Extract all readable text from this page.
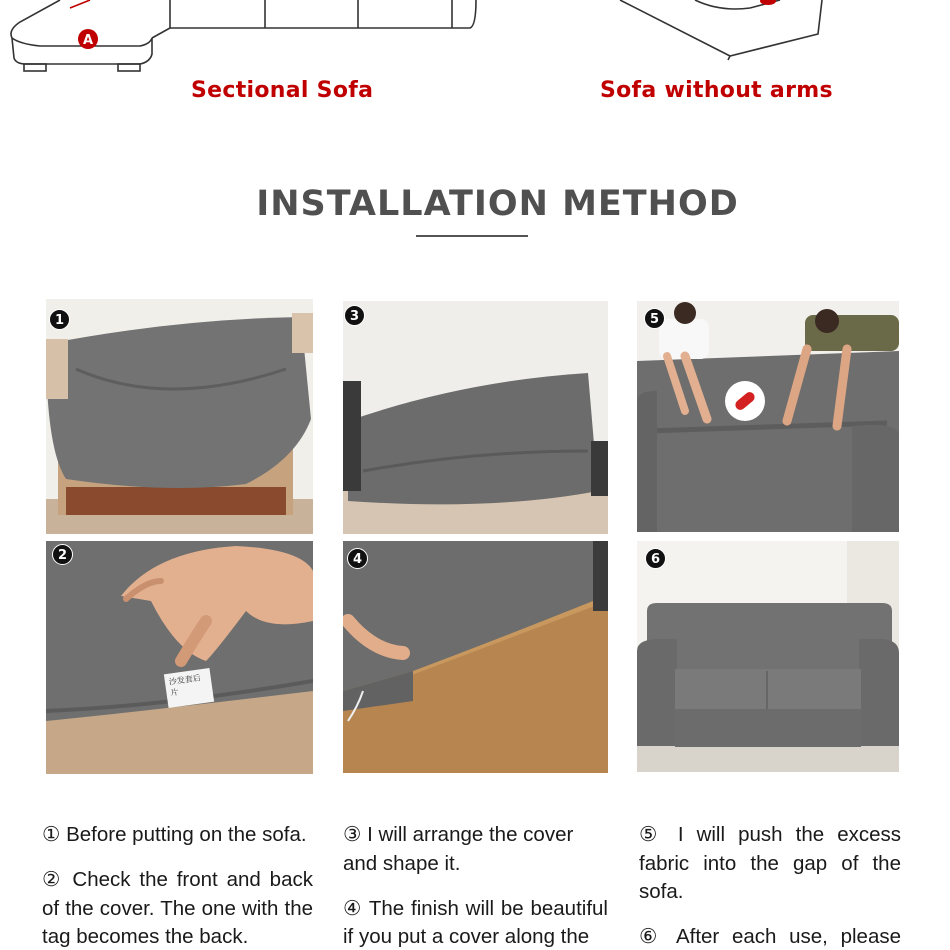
A
Sectional Sofa	Sofa without arms
INSTALLATION METHOD
1
沙发套后片
2
3
4
5
6

① Before putting on the sofa.

② Check the front and back of the cover. The one with the tag becomes the back.

③ I will arrange the cover and shape it.

④ The finish will be beautiful if you put a cover along the

⑤ I will push the excess fabric into the gap of the sofa.

⑥ After each use, please
